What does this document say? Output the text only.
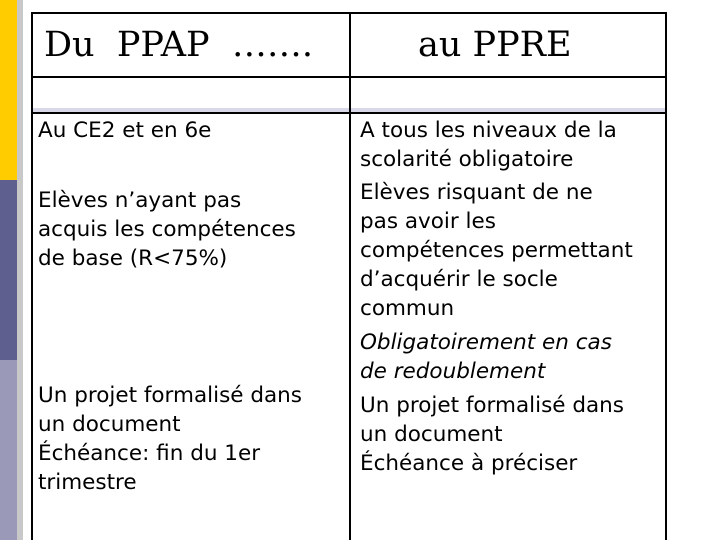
Du  PPAP  …….	au PPRE
Au CE2 et en 6e
Elèves n’ayant pas
acquis les compétences
de base (R<75%)
Un projet formalisé dans
un document
Échéance: fin du 1er
trimestre
A tous les niveaux de la
scolarité obligatoire
Elèves risquant de ne
pas avoir les
compétences permettant
d’acquérir le socle
commun
Obligatoirement en cas
de redoublement
Un projet formalisé dans
un document
Échéance à préciser
